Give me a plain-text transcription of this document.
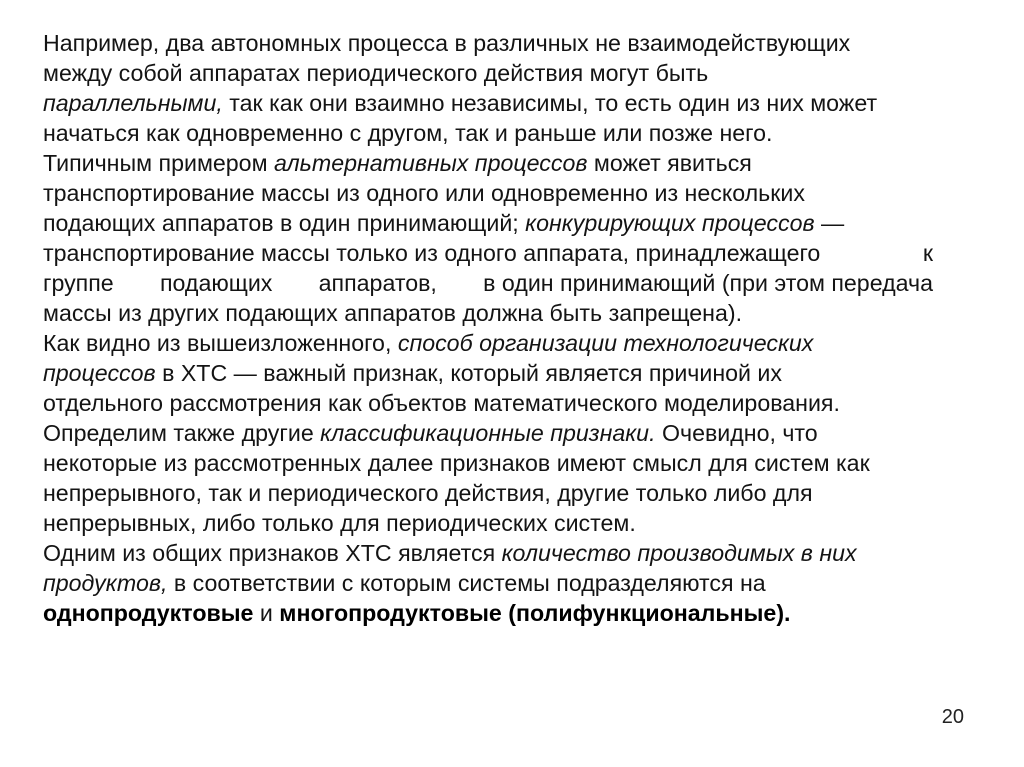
Например, два автономных процесса в различных не взаимодействующих
между собой аппаратах периодического действия могут быть
параллельными, так как они взаимно независимы, то есть один из них может
начаться как одновременно с другом, так и раньше или позже него.
Типичным примером альтернативных процессов может явиться
транспортирование массы из одного или одновременно из нескольких
подающих аппаратов в один принимающий; конкурирующих процессов —
транспортирование массы только из одного аппарата, принадлежащего	к
группе подающих аппаратов, в один принимающий (при этом передача
массы из других подающих аппаратов должна быть запрещена).
Как видно из вышеизложенного, способ организации технологических
процессов в ХТС — важный признак, который является причиной их
отдельного рассмотрения как объектов математического моделирования.
Определим также другие классификационные признаки. Очевидно, что
некоторые из рассмотренных далее признаков имеют смысл для систем как
непрерывного, так и периодического действия, другие только либо для
непрерывных, либо только для периодических систем.
Одним из общих признаков ХТС является количество производимых в них
продуктов, в соответствии с которым системы подразделяются на
однопродуктовые и многопродуктовые (полифункциональные).
20
